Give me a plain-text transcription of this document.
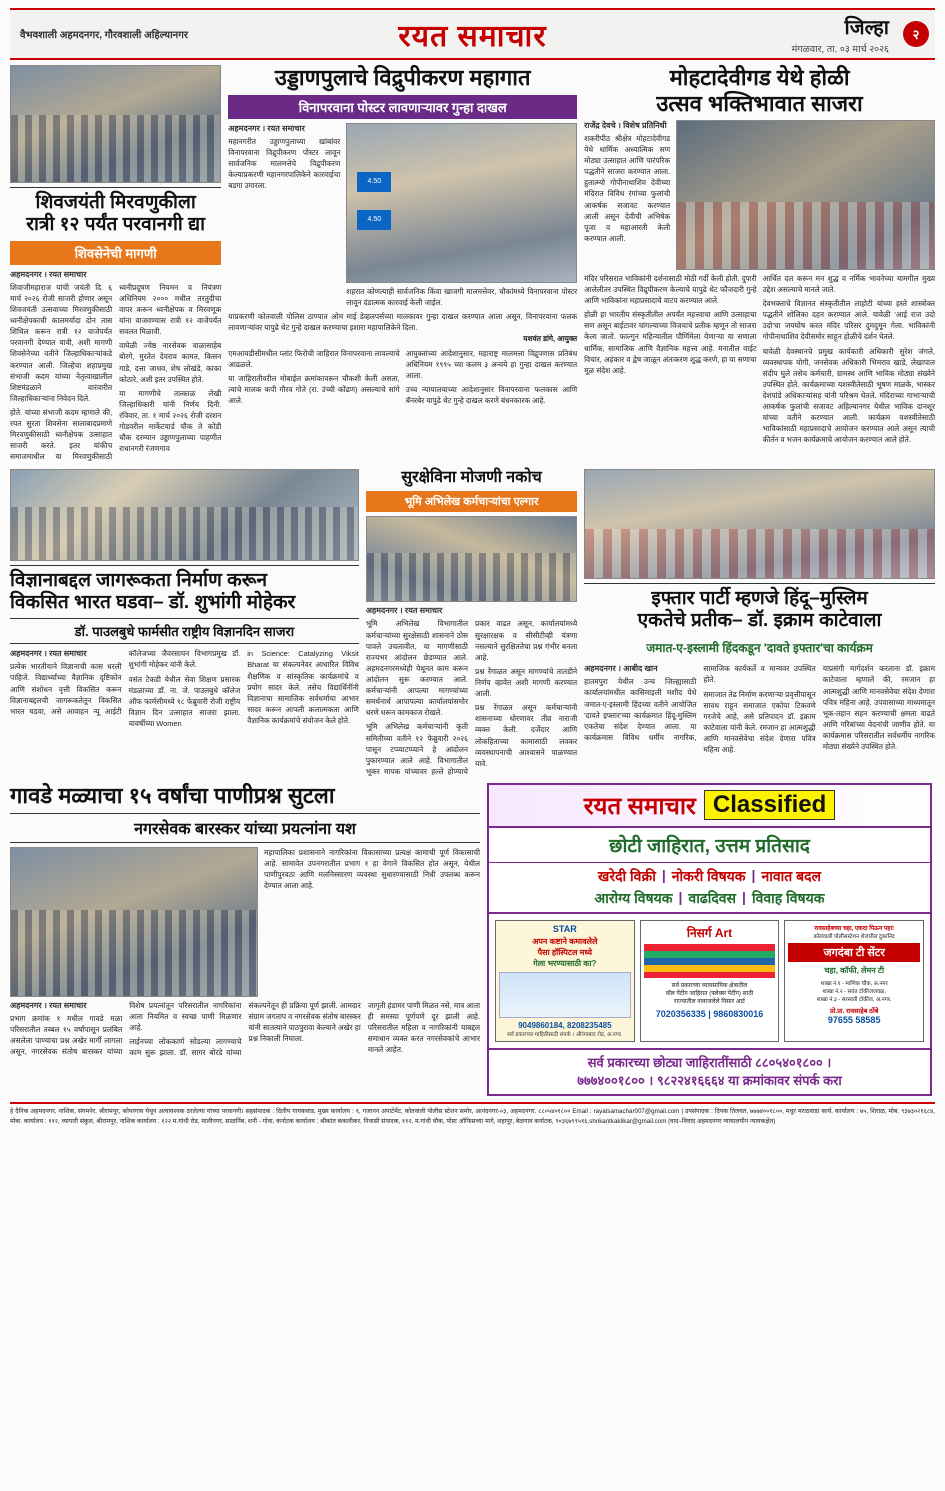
वैभवशाली अहमदनगर, गौरवशाली अहिल्यानगर	रयत समाचार	जिल्हा
मंगळवार, ता. ०३ मार्च २०२६
२
शिवजयंती मिरवणुकीला
रात्री १२ पर्यंत परवानगी द्या
शिवसेनेची मागणी
अहमदनगर । रयत समाचार
शिवाजीमहाराज यांची जयंती दि. ६ मार्च २०२६ रोजी साजरी होणार असून शिवजयंती उत्सवाच्या मिरवणुकीसाठी ध्वनीक्षेपकाची कालमर्यादा दोन तास शिथिल करून रात्री १२ वाजेपर्यंत परवानगी देण्यात यावी, अशी मागणी शिवसेनेच्या वतीने जिल्हाधिकाऱ्यांकडे करण्यात आली. जिल्हेचा शहाप्रमुख संभाजी कदम यांच्या नेतृत्वाखालील शिष्टमंडळाने वारंवारीत जिल्हाधिकाऱ्यांना निवेदन दिले.
होते. यांच्या संभाजी कदम म्हणाले की, रयत सुरता शिवसेना सालाबादप्रमाणे मिरवणुकीसाठी ध्वनीक्षेपक उत्साहात साजरी करते. इतर यांकीच समाजमाधील या मिरवणुकीसाठी ध्वनीप्रदूषण नियमन व नियंत्रण अधिनियम २००० मधील तरतुदीचा वापर करून ध्वनीक्षेपक व मिरवणूक यांना वाजवण्यास रात्री १२ वाजेपर्यंत सवलत मिळावी.
वाघेळी ज्येष्ठ नारसेवक वाळासाहेब बोरगे, मुरतेत देवराव कामत, किसन गाडे, दत्ता जाधव, शेष लोखंडे, काका कोठारे, अशी इतर उपस्थित होते.
या मागणीचे तात्काळ लेखी जिल्हाधिकारी यांनी निर्णय दिनी. रविवार, ता. १ मार्च २०२६ रोजी दरशन गोडवरील मार्केटयार्ड चौक ते कोंडी चौक दरम्यान उड्डाणपुलाच्या पाहणीत राधानगरी रंजणगाव
उड्डाणपुलाचे विद्रुपीकरण महागात
विनापरवाना पोस्टर लावणाऱ्यावर गुन्हा दाखल
अहमदनगर । रयत समाचार
महानगरीत उड्डाणपुलाच्या खांबांवर विनापरवाना विद्रुपीकरण पोस्टर लावून सार्वजनिक मालमत्तेचे विद्रुपीकरण केल्याप्रकरणी महानगरपालिकेने कारवाईचा बडगा उगारला.	4.50
4.50
शहरात कोणत्याही सार्वजनिक किंवा खाजगी मालमत्तेवर, चौकांमध्ये विनापरवाना पोस्टर लावून दंडात्मक कारवाई केली जाईल.
याप्रकरणी कोतवाली पोलिस ठाण्यात ओम माई डेव्हलपर्सच्या मालकावर गुन्हा दाखल करण्यात आला असून, विनापरवाना फलक लावणाऱ्यांवर यापुढे थेट गुन्हे दाखल करण्याचा इशारा महापालिकेने दिला.
यशवंत डांगे, आयुक्त
एमआयडीसीमधील प्लांट फिरोची जाहिरात विनापरवाना लावल्याचे आढळले.
या जाहिरातीवरील मोबाईल क्रमांकावरून चौकशी केली असता, त्याचे मालक कपी गौरव गोते (रा. उंच्ची कोंढण) असल्याचे सांगे आले.
आयुक्तांच्या आदेशानुसार, महाराष्ट्र मालमत्ता विद्रुपणास प्रतिबंध अधिनियम १९९५ च्या कलम ३ अन्वये हा गुन्हा दाखल करण्यात आला.
उच्च न्यायालयाच्या आदेशानुसार विनापरवाना फलकास आणि बॅनरबेर यापुढे थेट गुन्हे दाखल करणे बंधनकारक आहे.
मोहटादेवीगड येथे होळी
उत्सव भक्तिभावात साजरा
राजेंद्र देवचे । विशेष प्रतिनिधी
शकरीपीठ श्रीक्षेत्र मोहटादेवीगड येथे धार्मिक अध्यात्मिक सण मोठ्या उत्साहात आणि पारंपरिक पद्धतीने साजरा करण्यात आला. हुतात्म्यो गोपीनाथाशिव देवीच्या मंदिरात विविध रंगांच्या फुलांची आकर्षक सजावट करण्यात आली असून देवीची अभिषेक पूजा व महाआरती केली करण्यात आली.
मंदिर परिसरात भाविकांनी दर्शनासाठी मोठी गर्दी केली होती. दुपारी आलेलीतर उपस्थित विद्रुपीकरण केल्याचे यापुढे थेट फौजदारी गुन्हे आणि भाविकांना महाप्रसादाचे वाटप करण्यात आले.
होळी हा भारतीय संस्कृतीतील अपर्यंत महत्त्वाचा आणि उत्साहाचा सण असून बाईटावर चांगल्याच्या विजयाचे प्रतीक म्हणून तो साजरा केला जातो. फाल्गुन महिन्यातील पौर्णिमेला येणाऱ्या या सणाला धार्मिक, सामाजिक आणि वैज्ञानिक महत्त्व आहे. मनातील वाईट विचार, अहंकार व द्वेष जाळून अंतःकरण शुद्ध करणे, हा या सणाचा मूळ संदेश आहे.
आर्थित दल करून मन शुद्ध व नर्मिक भावनेच्या यामगील मुख्य उद्देश असल्याचे मानले जाते.
देवभक्ताचे विज्ञानत संस्कृतीतील लाहोटी यांच्या हस्ते शास्त्रोक्त पद्धतीने शोलिका दहन करण्यात आले. यावेळी 'आई राज उदो उदो'चा जयघोष करत मंदिर परिसर दुमदुमून गेला. भाविकांनी गोपीनाथाशिव देवीसमोर साहून होळीचे दर्शन घेतले.
यावेळी देवस्थानचे प्रमुख कार्यकारी अधिकारी सुरेश जंगले, व्यवस्थापक योगी, जनसेवक अधिकारी भिमराव खाडे, लेखापाल संदीप घुले तसेच कर्मचारी, ग्रामस्थ आणि भाविक मोठ्या संख्येने उपस्थित होते. कार्यक्रमाच्या यशस्वीतेसाठी भूषण माळके, भास्कर देशपांडे अधिकाऱ्यांसह यांनी परिश्रम घेतले. मंदिराच्या गाभाऱ्याची आकर्षक फुलांची सजावट अहिल्यानगर येथील भाविक दानशूर यांच्या वतीने करण्यात आली. कार्यक्रम यशस्वीतेसाठी भाविकांसाठी महाप्रसादाचे आयोजन करण्यात आले असून त्याची कीर्तन व भजन कार्यक्रमाचे आयोजन करण्यात आले होते.
विज्ञानाबद्दल जागरूकता निर्माण करून
विकसित भारत घडवा– डॉ. शुभांगी मोहेकर
डॉ. पाउलबुधे फार्मसीत राष्ट्रीय विज्ञानदिन साजरा
अहमदनगर । रयत समाचार
प्रत्येक भारतीयाने विज्ञानाची कास धरली पाहिजे. विद्यार्थ्यांच्या वैज्ञानिक दृष्टिकोन आणि संशोधन वृत्ती विकसित करून विज्ञानाबद्दलची जागरूकतेतून विकसित भारत घडवा, असे आवाहन न्यू आईटी कॉलेजच्या जैवरसायन विभागप्रमुख डॉ. शुभांगी मोहेकर यांनी केले.
वसंत टेकडी येथील सेवा शिक्षण प्रसारक मंडळाच्या डॉ. ना. जे. पाउलबुधे कॉलेज ऑफ फार्मसीमध्ये १८ फेब्रुवारी रोजी राष्ट्रीय विज्ञान दिन उत्साहात साजरा झाला. यावर्षीच्या Women
in Science: Catalyzing Viksit Bharat या संकल्पनेवर आधारित विविध शैक्षणिक व सांस्कृतिक कार्यक्रमांचे व प्रयोग सादर केले. तसेच विद्यार्थिनींनी विज्ञानाचा सामाजिक सर्वधर्माचा आभार सादर करून आपली कलात्मकता आणि वैज्ञानिक कार्यक्रमांचे संयोजन केले होते.
सुरक्षेविना मोजणी नकोच
भूमि अभिलेख कर्मचाऱ्यांचा एल्गार
अहमदनगर । रयत समाचार
भूमि अभिलेख विभागातील कर्मचाऱ्यांच्या सुरक्षेसाठी शासनाने ठोस पावले उचलावीत, या मागणीसाठी राज्यभर आंदोलन छेडण्यात आले. अहमदनगरमध्येही येथूनत काम करून आंदोलन सुरू करण्यात आले. कर्मचाऱ्यांनी आपल्या मागण्यांच्या समर्थनार्थ आपापल्या कार्यालयांसमोर धरणे धरून कामकाज रोखले.
भूमि अभिलेख कर्मचाऱ्यांनी कृती समितीच्या वतीने १२ फेब्रुवारी २०२६ पासून टप्प्याटप्प्याने हे आंदोलन पुकारण्यात आले आहे. विभागातील भूकर मापक यांच्यावर हल्ले होण्याचे प्रकार वाढत असून, कार्यालयांमध्ये सुरक्षारक्षक व सीसीटीव्ही यंत्रणा नसल्याने सुरक्षिततेचा प्रश्न गंभीर बनला आहे.
प्रश्न रेंगाळत असून मागण्यांचे तातडीने निर्णय व्हावेत अशी मागणी करण्यात आली.
प्रश्न रेंगाळत असून कर्मचाऱ्यांनी शासनाच्या धोरणावर तीव्र नाराजी व्यक्त केली. दर्जेदार आणि लोकहिताच्या कामासाठी लवकर व्यवस्थापनाची आश्वासने पाळण्यात यावे.
इफ्तार पार्टी म्हणजे हिंदू–मुस्लिम
एकतेचे प्रतीक– डॉ. इक्राम काटेवाला
जमात-ए-इस्लामी हिंदकडून 'दावते इफ्तार'चा कार्यक्रम
अहमदनगर । आबीद खान
हातमपुरा येथील उन्च जिल्ह्यासाठी कार्यालयांमधील कासिमाइली मशीद येथे जमात-ए-इस्लामी हिंदच्या वतीने आयोजित 'दावते इफ्तार'च्या कार्यक्रमात हिंदू-मुस्लिम एकतेचा संदेश देण्यात आला. या कार्यक्रमास विविध धर्मीय नागरिक, सामाजिक कार्यकर्ते व मान्यवर उपस्थित होते.
समाजात तेढ निर्माण करणाऱ्या प्रवृत्तीपासून सावध राहून समाजात एकोपा टिकवणे गरजेचे आहे, असे प्रतिपादन डॉ. इक्राम काटेवाला यांनी केले. रमजान हा आत्मशुद्धी आणि मानवसेवेचा संदेश देणारा पवित्र महिना आहे.
याप्रसंगी मार्गदर्शन करताना डॉ. इक्राम काटेवाला म्हणाले की, रमजान हा आत्मशुद्धी आणि मानवसेवेचा संदेश देणारा पवित्र महिना आहे. उपवासाच्या माध्यमातून भूक-तहान सहन करण्याची क्षमता वाढते आणि गरिबांच्या वेदनांची जाणीव होते. या कार्यक्रमास परिसरातील सर्वधर्मीय नागरिक मोठ्या संख्येने उपस्थित होते.
गावडे मळ्याचा १५ वर्षांचा पाणीप्रश्न सुटला
नगरसेवक बारस्कर यांच्या प्रयत्नांना यश
महापालिका प्रशासनाने नागरिकांना विकासाच्या प्रत्यक्ष कामाची पूर्ण विकासाची आहे. सामावेत उपनगरातील प्रभाग १ हा वेगाने विकसित होत असून, येथील पाणीपुरवठा आणि मलनिस्सारण व्यवस्था सुधारण्यासाठी निधी उपलब्ध करून देण्यात आला आहे.
अहमदनगर । रयत समाचार
प्रभाग क्रमांक १ मधील गावडे मळा परिसरातील तब्बल १५ वर्षांपासून प्रलंबित असलेला पाण्याचा प्रश्न अखेर मार्गी लागला असून, नगरसेवक संतोष बारस्कर यांच्या विशेष प्रयत्नांतून परिसरातील नागरिकांना आता नियमित व स्वच्छ पाणी मिळणार आहे.
लाईनच्या लोककार्ण सोडल्या लागण्याचे काम सुरू झाला. डॉ. सागर बोरडे यांच्या संकल्पनेतून ही प्रक्रिया पूर्ण झाली. आमदार संग्राम जगताप व नगरसेवक संतोष बारस्कर यांनी सातत्याने पाठपुरावा केल्याने अखेर हा प्रश्न निकाली निघाला.
जागृती हंडामर पाणी मिळत नसे, मात्र आता ही समस्या पूर्णपणे दूर झाली आहे. परिसरातील महिला व नागरिकांनी याबद्दल समाधान व्यक्त करत नगरसेवकांचे आभार मानले आहेत.
रयत समाचार Classified
छोटी जाहिरात, उत्तम प्रतिसाद
खरेदी विक्री | नोकरी विषयक | नावात बदल
आरोग्य विषयक | वाढदिवस | विवाह विषयक
STAR
अपन कष्टाने कमावलेले
पैसा हॉस्पिटल मध्ये
गेला भरण्यासाठी का?
9049860184, 8208235485
सर्व प्रकारच्या माहितीसाठी संपर्क । औरंगाबाद रोड, अ.नगर.
निसर्ग Art
सर्व प्रकारच्या व्यावसायिक क्षेत्रातील
वॉल पेंटींग जाहिरात (फ्लेक्स पेंटींग) साठी
राज्यातील नावाजलेले निसार आर्ट
7020356335 | 9860830016
रावसाहेबच्या चहा, एकदा पिऊन पहा!
कोलवाली पोलीसस्टेशन शेजारील दुकानिद
जगदंबा टी सेंटर
चहा, कॉफी, लेमन टी
शाखा नं.१ - माणिक चौक, अ.नगर
शाखा नं.२ - सवंत टॉकीजजवळ,
शाखा नं.३ - सरस्वती टॉकीज, अ.नगर.
प्रो.प्रा. रावसाहेब ठोंबे
97655 58585
सर्व प्रकारच्या छोट्या जाहिरातींसाठी ८८०५४०१८०० ।
७७७४००१८०० । ९८२२४१६६६४ या क्रमांकावर संपर्क करा
हे दैनिक अहमदनगर, नाशिक, संगमनेर, श्रीरामपूर, कोपरगाव येथून अत्यावश्यक ठरलेल्या यांच्या परवानगी। सहसंपादक : दिलीप गायकवाड, मुख्य कार्यालय : १, गजानन अपार्टमेंट, कोतवाली पोलीस स्टेशन समोर, आनंदनगर-०३, अहमदनगर. ८८०५४०१८०० Email : rayatsamachar007@gmail.com | उपसंपादक : दिपक तिलवत, ७७७४००१८००, मधुर मराठवाडा कार्य. कार्यालय : ७५, शिराळ, मोब. ९३७३०२१६८४, मोबा. कार्यालय : ११२, व्यापारी संकुल, श्रीरामपूर, नाशिक कार्यालय : १२२ म.गांधी रोड, मालीनगर, साळनिंब, शनी - गोवा, कर्नाटक कार्यालय : श्रीकांत ककलीकर, निवासी संपादक, ११२, म.गांधी चौक, पोस्ट ऑफिसच्या मागे, शहापूर, बेळगाव कर्नाटक, ९०३६७९९५१६.shrikantkaklikar@gmail.com (वाद–विवाद अहमदनगर न्यायालयीन न्यायकक्षेत)
